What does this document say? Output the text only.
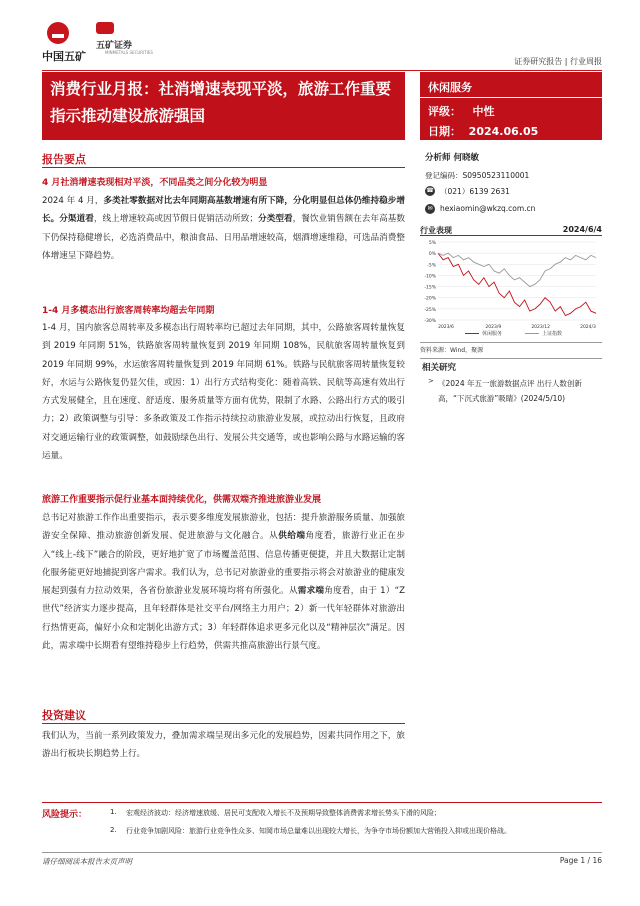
中国五矿
五矿证券
MINMETALS SECURITIES
证券研究报告 | 行业周报
消费行业月报：社消增速表现平淡，旅游工作重要指示推动建设旅游强国
休闲服务
评级： 中性
日期： 2024.06.05
报告要点
4 月社消增速表现相对平淡，不同品类之间分化较为明显
2024 年 4 月，多类社零数据对比去年同期高基数增速有所下降，分化明显但总体仍维持稳步增长。分渠道看，线上增速较高或因节假日促销活动所致；分类型看，餐饮业销售额在去年高基数下仍保持稳健增长，必选消费品中，粮油食品、日用品增速较高，烟酒增速维稳，可选品消费整体增速呈下降趋势。
1-4 月多模态出行旅客周转率均超去年同期
1-4 月，国内旅客总周转率及多模态出行周转率均已超过去年同期，其中，公路旅客周转量恢复到 2019 年同期 51%，铁路旅客周转量恢复到 2019 年同期 108%，民航旅客周转量恢复到 2019 年同期 99%，水运旅客周转量恢复到 2019 年同期 61%。铁路与民航旅客周转量恢复较好，水运与公路恢复仍显欠佳，或因：1）出行方式结构变化：随着高铁、民航等高速有效出行方式发展健全，且在速度、舒适度、服务质量等方面有优势，限制了水路、公路出行方式的吸引力；2）政策调整与引导：多条政策及工作指示持续拉动旅游业发展，或拉动出行恢复，且政府对交通运输行业的政策调整，如鼓励绿色出行、发展公共交通等，或也影响公路与水路运输的客运量。
旅游工作重要指示促行业基本面持续优化，供需双端齐推进旅游业发展
总书记对旅游工作作出重要指示，表示要多维度发展旅游业，包括：提升旅游服务质量、加强旅游安全保障、推动旅游创新发展、促进旅游与文化融合。从供给端角度看，旅游行业正在步入“线上-线下”融合的阶段，更好地扩宽了市场覆盖范围、信息传播更便捷，并且大数据让定制化服务能更好地捕捉到客户需求。我们认为，总书记对旅游业的重要指示将会对旅游业的健康发展起到强有力拉动效果，各省份旅游业发展环境均将有所强化。从需求端角度看，由于 1）“Z 世代”经济实力逐步提高，且年轻群体是社交平台/网络主力用户；2）新一代年轻群体对旅游出行热情更高，偏好小众和定制化出游方式；3）年轻群体追求更多元化以及“精神层次”满足。因此，需求端中长期看有望维持稳步上行趋势，供需共推高旅游出行景气度。
投资建议
我们认为，当前一系列政策发力，叠加需求端呈现出多元化的发展趋势，因素共同作用之下，旅游出行板块长期趋势上行。
分析师 何晓敏
登记编码：S0950523110001
☎ （021）6139 2631
✉ hexiaomin@wkzq.com.cn
行业表现	2024/6/4
5%
0%
-5%
-10%
-15%
-20%
-25%
-30%
2023/6	2023/9	2023/12	2024/3
休闲服务	上证指数
资料来源：Wind，聚源
相关研究
> 《2024 年五一旅游数据点评 出行人数创新高，“下沉式旅游”吸睛》(2024/5/10)
风险提示：	1. 宏观经济波动：经济增速放缓、居民可支配收入增长不及预期导致整体消费需求增长势头下滑的风险；
2. 行业竞争加剧风险：旅游行业竞争性众多、知岡市场总量难以出现较大增长，为争夺市场份额加大营销投入抑或出现价格战。
请仔细阅读本报告末页声明	Page 1 / 16
